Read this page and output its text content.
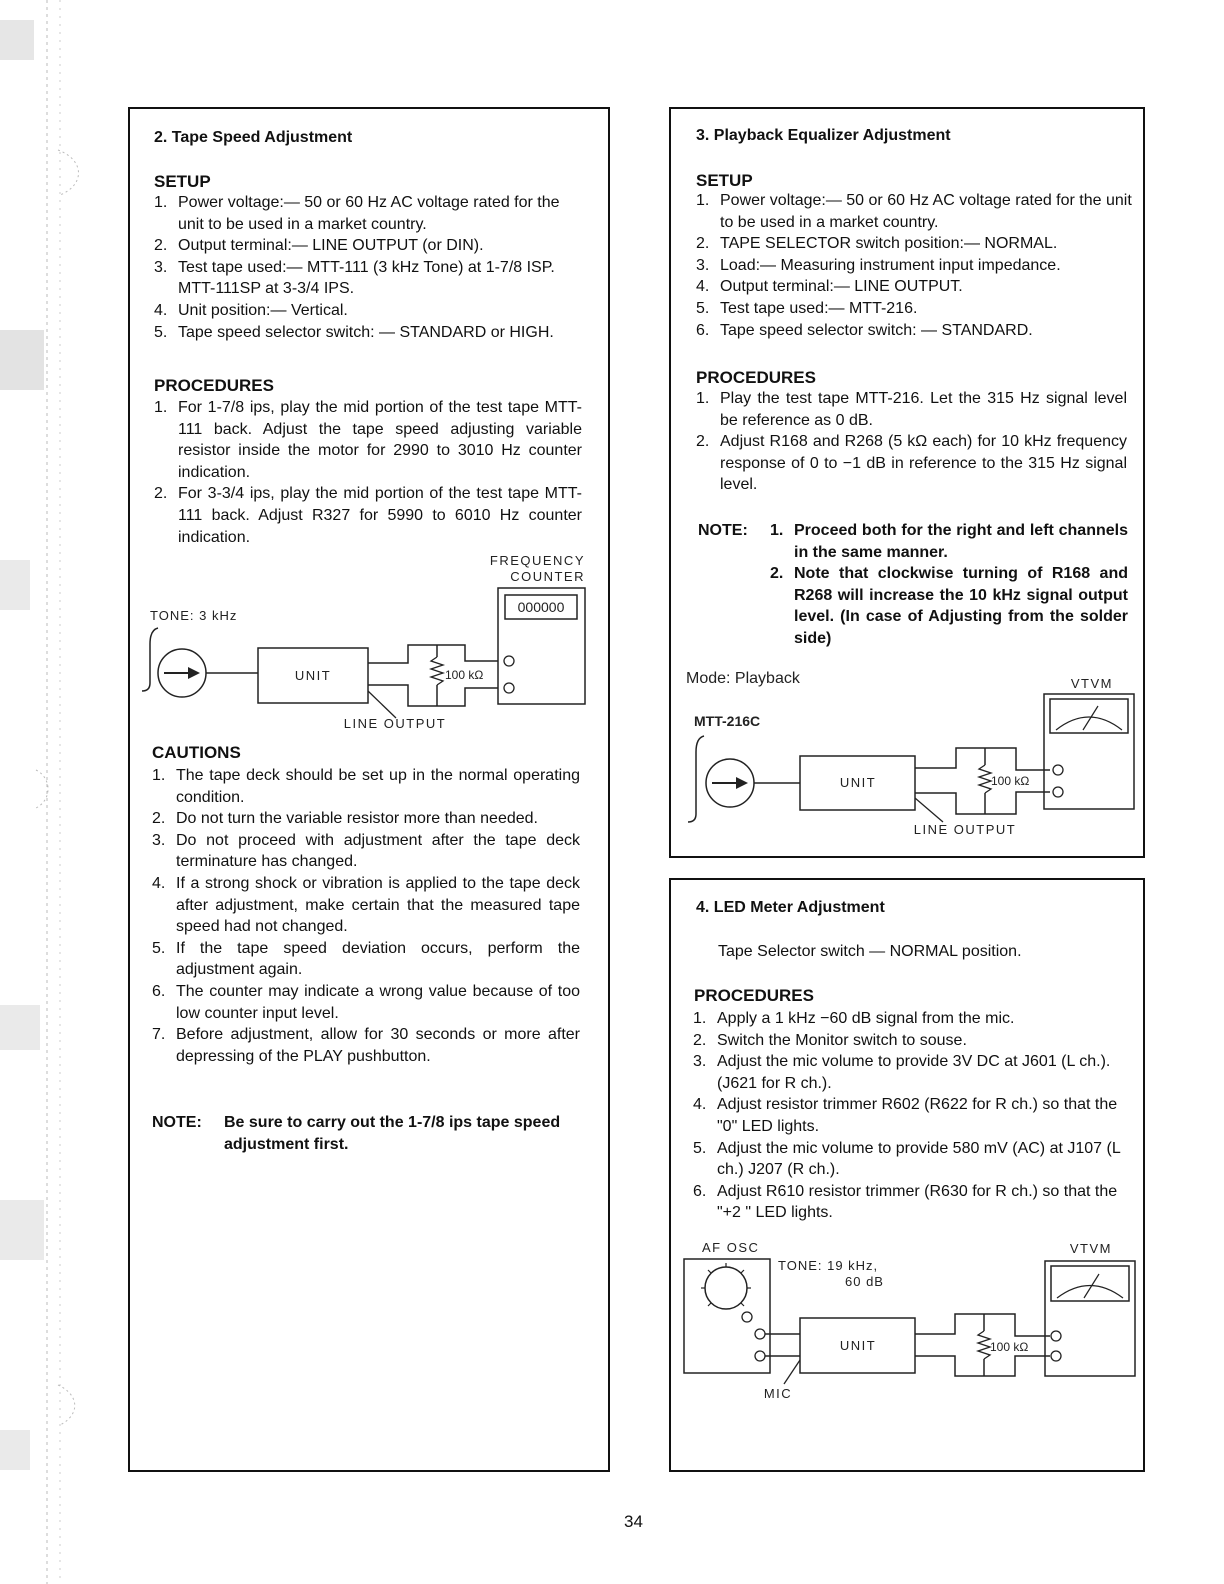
2. Tape Speed Adjustment
SETUP
1. Power voltage:— 50 or 60 Hz AC voltage rated for the unit to be used in a market country.
2. Output terminal:— LINE OUTPUT (or DIN).
3. Test tape used:— MTT-111 (3 kHz Tone) at 1-7/8 ISP.
MTT-111SP at 3-3/4 IPS.
4. Unit position:— Vertical.
5. Tape speed selector switch: — STANDARD or HIGH.
PROCEDURES
1. For 1-7/8 ips, play the mid portion of the test tape MTT-111 back. Adjust the tape speed adjusting variable resistor inside the motor for 2990 to 3010 Hz counter indication.
2. For 3-3/4 ips, play the mid portion of the test tape MTT-111 back. Adjust R327 for 5990 to 6010 Hz counter indication.
FREQUENCY
COUNTER
000000
TONE: 3 kHz
UNIT	100 kΩ
LINE OUTPUT
CAUTIONS
1. The tape deck should be set up in the normal operating condition.
2. Do not turn the variable resistor more than needed.
3. Do not proceed with adjustment after the tape deck terminature has changed.
4. If a strong shock or vibration is applied to the tape deck after adjustment, make certain that the measured tape speed had not changed.
5. If the tape speed deviation occurs, perform the adjustment again.
6. The counter may indicate a wrong value because of too low counter input level.
7. Before adjustment, allow for 30 seconds or more after depressing of the PLAY pushbutton.
NOTE: Be sure to carry out the 1-7/8 ips tape speed adjustment first.
3. Playback Equalizer Adjustment
SETUP
1. Power voltage:— 50 or 60 Hz AC voltage rated for the unit to be used in a market country.
2. TAPE SELECTOR switch position:— NORMAL.
3. Load:— Measuring instrument input impedance.
4. Output terminal:— LINE OUTPUT.
5. Test tape used:— MTT-216.
6. Tape speed selector switch: — STANDARD.
PROCEDURES
1. Play the test tape MTT-216. Let the 315 Hz signal level be reference as 0 dB.
2. Adjust R168 and R268 (5 kΩ each) for 10 kHz frequency response of 0 to −1 dB in reference to the 315 Hz signal level.
NOTE: 1. Proceed both for the right and left channels in the same manner.
2. Note that clockwise turning of R168 and R268 will increase the 10 kHz signal output level. (In case of Adjusting from the solder side)
Mode: Playback	VTVM
MTT-216C
UNIT	100 kΩ
LINE OUTPUT
4. LED Meter Adjustment
Tape Selector switch — NORMAL position.
PROCEDURES
1. Apply a 1 kHz −60 dB signal from the mic.
2. Switch the Monitor switch to souse.
3. Adjust the mic volume to provide 3V DC at J601 (L ch.). (J621 for R ch.).
4. Adjust resistor trimmer R602 (R622 for R ch.) so that the "0" LED lights.
5. Adjust the mic volume to provide 580 mV (AC) at J107 (L ch.) J207 (R ch.).
6. Adjust R610 resistor trimmer (R630 for R ch.) so that the "+2 " LED lights.
AF OSC	VTVM
TONE: 19 kHz,
60 dB
UNIT	100 kΩ
MIC
34
